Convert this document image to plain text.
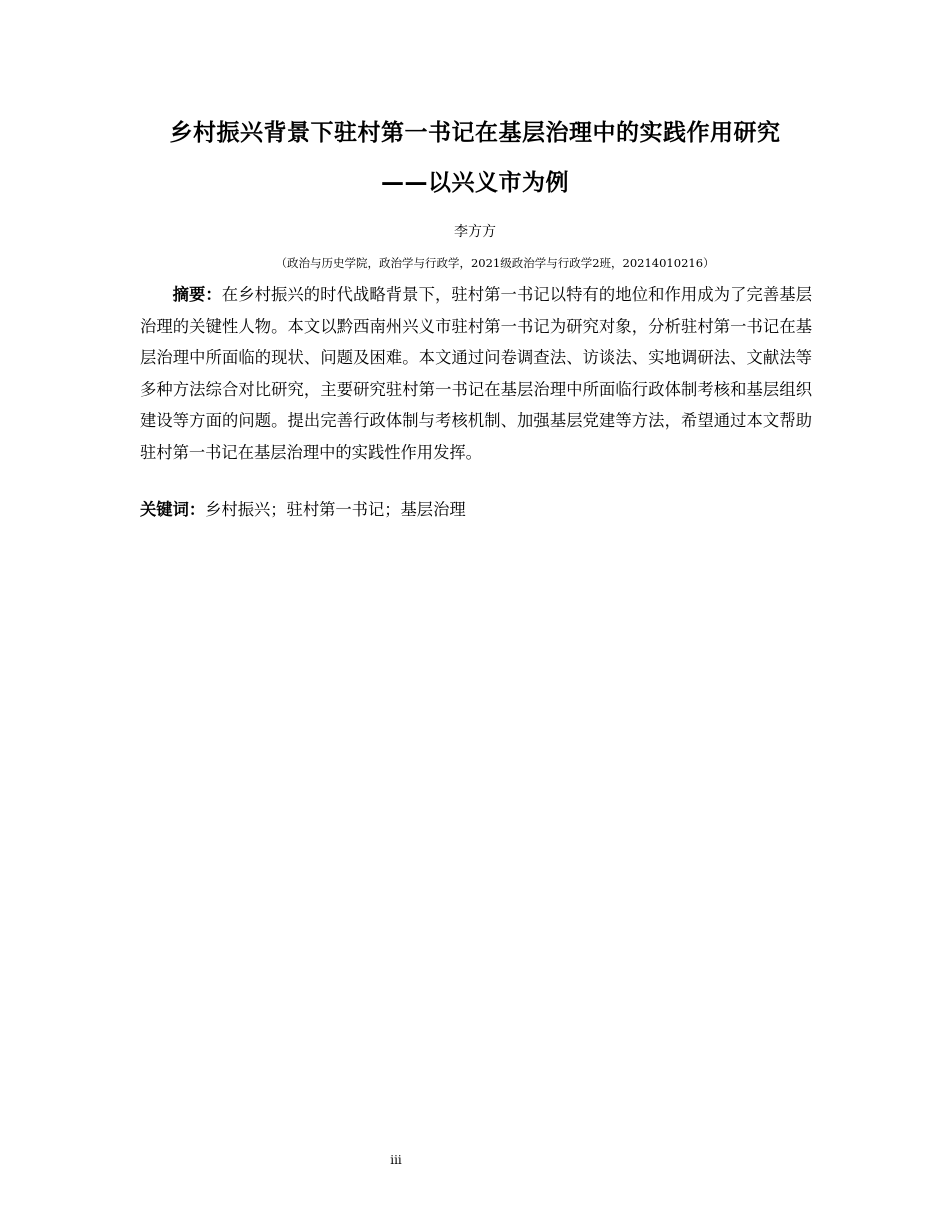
乡村振兴背景下驻村第一书记在基层治理中的实践作用研究
——以兴义市为例
李方方
（政治与历史学院，政治学与行政学，2021级政治学与行政学2班，20214010216）

摘要：在乡村振兴的时代战略背景下，驻村第一书记以特有的地位和作用成为了完善基层治理的关键性人物。本文以黔西南州兴义市驻村第一书记为研究对象，分析驻村第一书记在基层治理中所面临的现状、问题及困难。本文通过问卷调查法、访谈法、实地调研法、文献法等多种方法综合对比研究，主要研究驻村第一书记在基层治理中所面临行政体制考核和基层组织建设等方面的问题。提出完善行政体制与考核机制、加强基层党建等方法，希望通过本文帮助驻村第一书记在基层治理中的实践性作用发挥。

关键词：乡村振兴；驻村第一书记；基层治理

iii
